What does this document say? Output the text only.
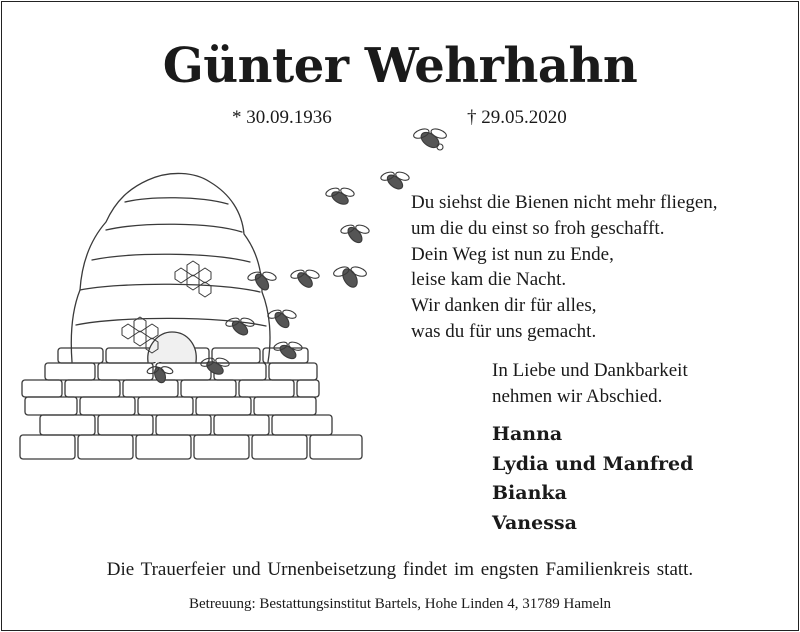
Günter Wehrhahn
* 30.09.1936	† 29.05.2020
Du siehst die Bienen nicht mehr fliegen,
um die du einst so froh geschafft.
Dein Weg ist nun zu Ende,
leise kam die Nacht.
Wir danken dir für alles,
was du für uns gemacht.
In Liebe und Dankbarkeit
nehmen wir Abschied.
Hanna
Lydia und Manfred
Bianka
Vanessa
Die Trauerfeier und Urnenbeisetzung findet im engsten Familienkreis statt.
Betreuung: Bestattungsinstitut Bartels, Hohe Linden 4, 31789 Hameln
